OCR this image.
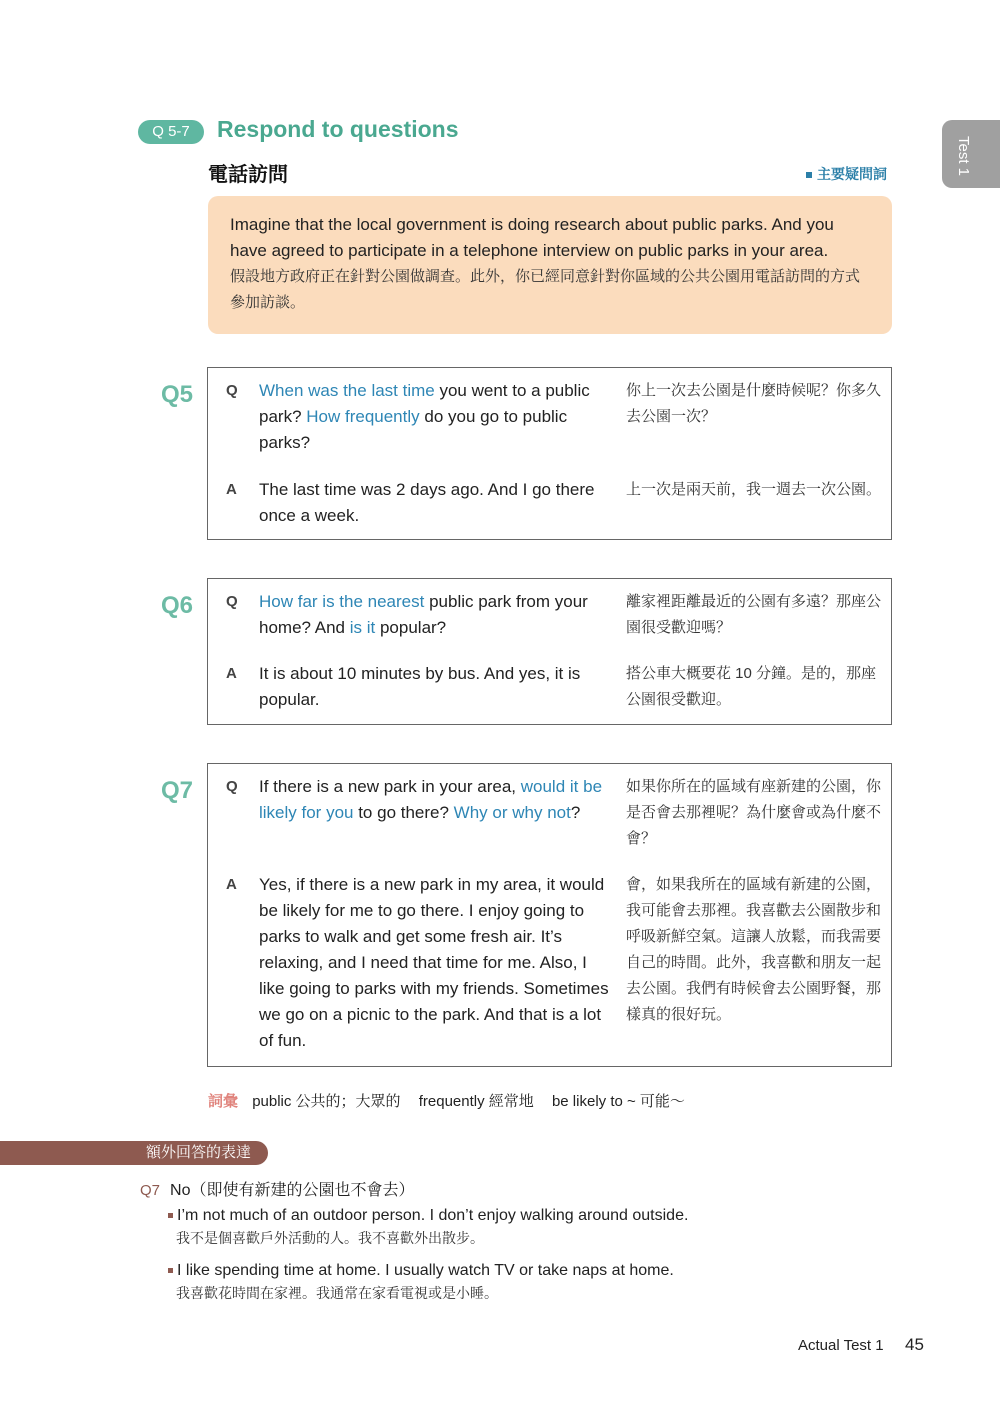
Q 5-7	Respond to questions
電話訪問	主要疑問詞	Test 1
Imagine that the local government is doing research about public parks. And you have agreed to participate in a telephone interview on public parks in your area.
假設地方政府正在針對公園做調查。此外，你已經同意針對你區域的公共公園用電話訪問的方式參加訪談。
Q5 Q When was the last time you went to a public park? How frequently do you go to public parks?
你上一次去公園是什麼時候呢？你多久去公園一次？
A The last time was 2 days ago. And I go there once a week.
上一次是兩天前，我一週去一次公園。
Q6 Q How far is the nearest public park from your home? And is it popular?
離家裡距離最近的公園有多遠？那座公園很受歡迎嗎？
A It is about 10 minutes by bus. And yes, it is popular.
搭公車大概要花 10 分鐘。是的，那座公園很受歡迎。
Q7 Q If there is a new park in your area, would it be likely for you to go there? Why or why not?
如果你所在的區域有座新建的公園，你是否會去那裡呢？為什麼會或為什麼不會？
A Yes, if there is a new park in my area, it would be likely for me to go there. I enjoy going to parks to walk and get some fresh air. It’s relaxing, and I need that time for me. Also, I like going to parks with my friends. Sometimes we go on a picnic to the park. And that is a lot of fun.
會，如果我所在的區域有新建的公園，我可能會去那裡。我喜歡去公園散步和呼吸新鮮空氣。這讓人放鬆，而我需要自己的時間。此外，我喜歡和朋友一起去公園。我們有時候會去公園野餐，那樣真的很好玩。
詞彙 public 公共的；大眾的 frequently 經常地 be likely to ~ 可能～
額外回答的表達
Q7 No（即使有新建的公園也不會去）
I’m not much of an outdoor person. I don’t enjoy walking around outside.
我不是個喜歡戶外活動的人。我不喜歡外出散步。
I like spending time at home. I usually watch TV or take naps at home.
我喜歡花時間在家裡。我通常在家看電視或是小睡。
Actual Test 1 45
